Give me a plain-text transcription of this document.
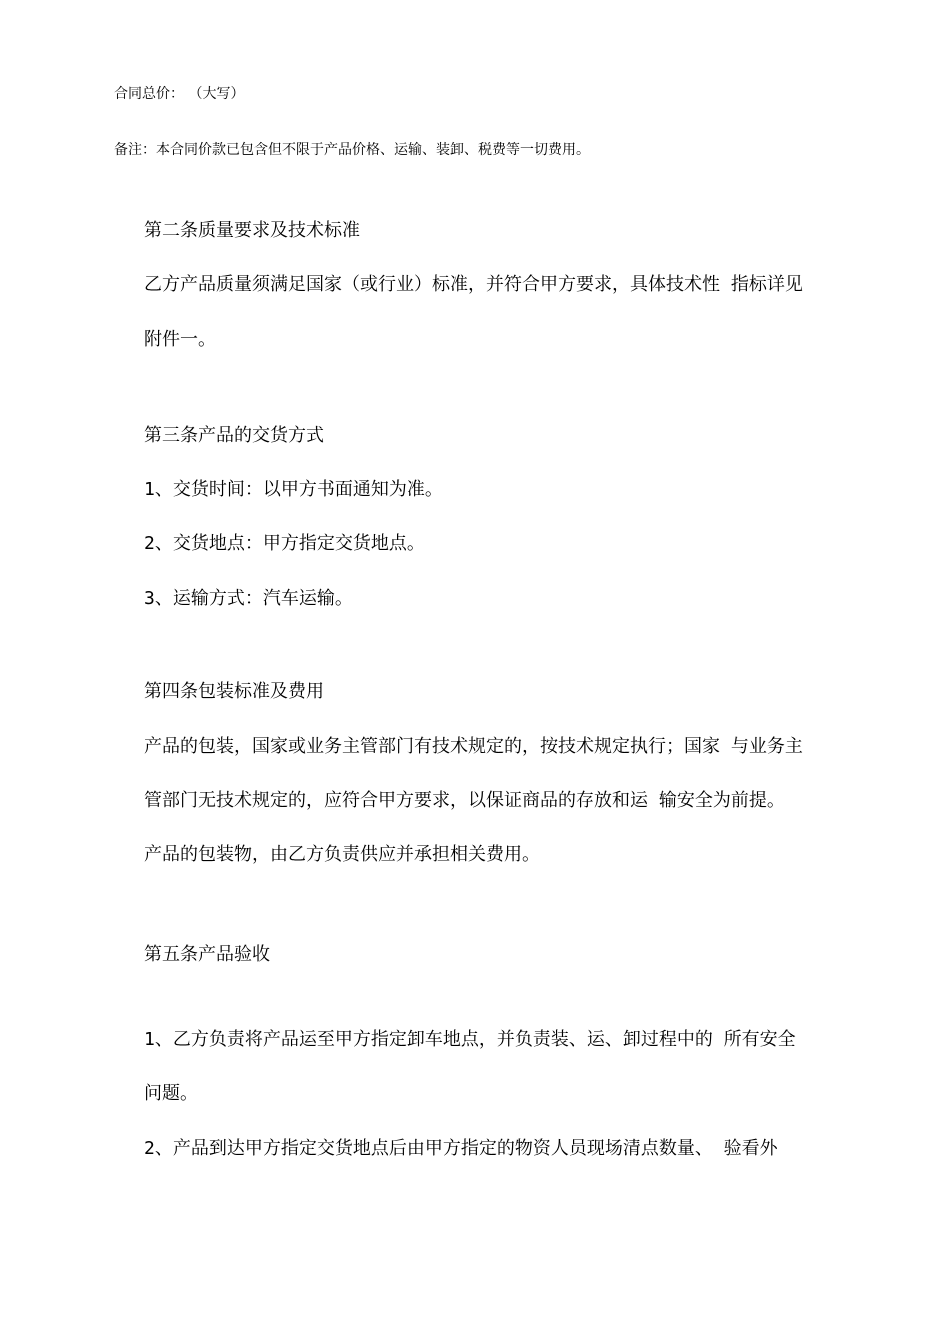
合同总价： （大写）
备注：本合同价款已包含但不限于产品价格、运输、装卸、税费等一切费用。
第二条质量要求及技术标准
乙方产品质量须满足国家（或行业）标准，并符合甲方要求，具体技术性 指标详见
附件一。
第三条产品的交货方式
1、交货时间：以甲方书面通知为准。
2、交货地点：甲方指定交货地点。
3、运输方式：汽车运输。
第四条包装标准及费用
产品的包装，国家或业务主管部门有技术规定的，按技术规定执行；国家 与业务主
管部门无技术规定的，应符合甲方要求，以保证商品的存放和运 输安全为前提。
产品的包装物，由乙方负责供应并承担相关费用。
第五条产品验收
1、乙方负责将产品运至甲方指定卸车地点，并负责装、运、卸过程中的 所有安全
问题。
2、产品到达甲方指定交货地点后由甲方指定的物资人员现场清点数量、 验看外
